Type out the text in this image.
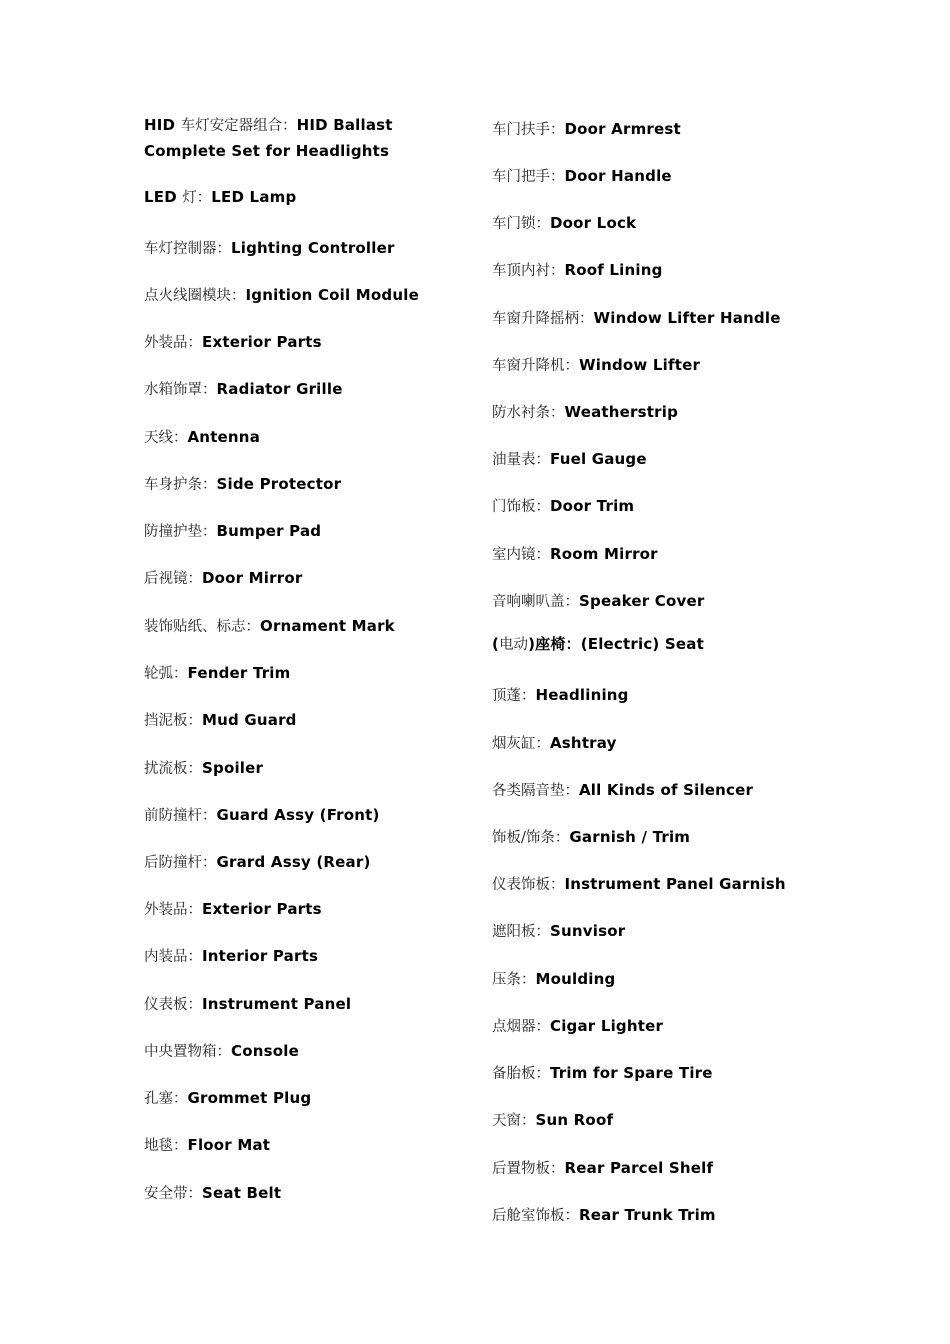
HID 车灯安定器组合：HID Ballast Complete Set for Headlights
LED 灯：LED Lamp
车灯控制器：Lighting Controller
点火线圈模块：Ignition Coil Module
外装品：Exterior Parts
水箱饰罩：Radiator Grille
天线：Antenna
车身护条：Side Protector
防撞护垫：Bumper Pad
后视镜：Door Mirror
装饰贴纸、标志：Ornament Mark
轮弧：Fender Trim
挡泥板：Mud Guard
扰流板：Spoiler
前防撞杆：Guard Assy (Front)
后防撞杆：Grard Assy (Rear)
外装品：Exterior Parts
内装品：Interior Parts
仪表板：Instrument Panel
中央置物箱：Console
孔塞：Grommet Plug
地毯：Floor Mat
安全带：Seat Belt
车门扶手：Door Armrest
车门把手：Door Handle
车门锁：Door Lock
车顶内衬：Roof Lining
车窗升降摇柄：Window Lifter Handle
车窗升降机：Window Lifter
防水衬条：Weatherstrip
油量表：Fuel Gauge
门饰板：Door Trim
室内镜：Room Mirror
音响喇叭盖：Speaker Cover
(电动)座椅：(Electric) Seat
顶蓬：Headlining
烟灰缸：Ashtray
各类隔音垫：All Kinds of Silencer
饰板/饰条：Garnish / Trim
仪表饰板：Instrument Panel Garnish
遮阳板：Sunvisor
压条：Moulding
点烟器：Cigar Lighter
备胎板：Trim for Spare Tire
天窗：Sun Roof
后置物板：Rear Parcel Shelf
后舱室饰板：Rear Trunk Trim
